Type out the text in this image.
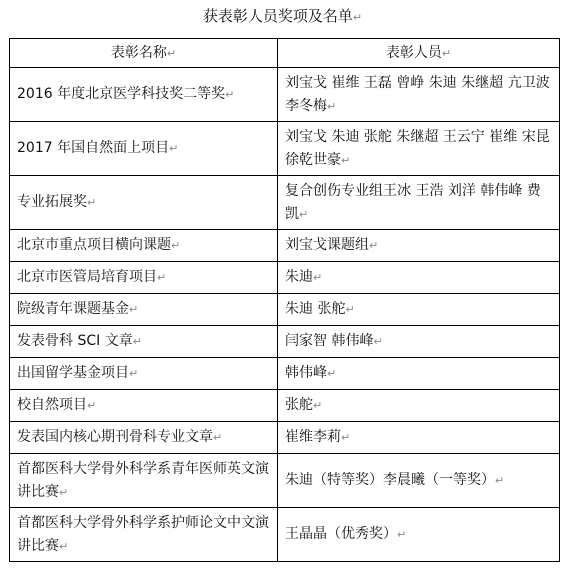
获表彰人员奖项及名单↵
表彰名称↵	表彰人员↵
2016 年度北京医学科技奖二等奖↵	刘宝戈 崔维 王磊 曾峥 朱迪 朱继超 亢卫波李冬梅↵
2017 年国自然面上项目↵	刘宝戈 朱迪 张舵 朱继超 王云宁 崔维 宋昆 徐乾世豪↵
专业拓展奖↵	复合创伤专业组王冰 王浩 刘洋 韩伟峰 费凯↵
北京市重点项目横向课题↵	刘宝戈课题组↵
北京市医管局培育项目↵	朱迪↵
院级青年课题基金↵	朱迪 张舵↵
发表骨科 SCI 文章↵	闫家智 韩伟峰↵
出国留学基金项目↵	韩伟峰↵
校自然项目↵	张舵↵
发表国内核心期刊骨科专业文章↵	崔维李莉↵
首都医科大学骨外科学系青年医师英文演讲比赛↵	朱迪（特等奖）李晨曦（一等奖）↵
首都医科大学骨外科学系护师论文中文演讲比赛↵	王晶晶（优秀奖）↵
